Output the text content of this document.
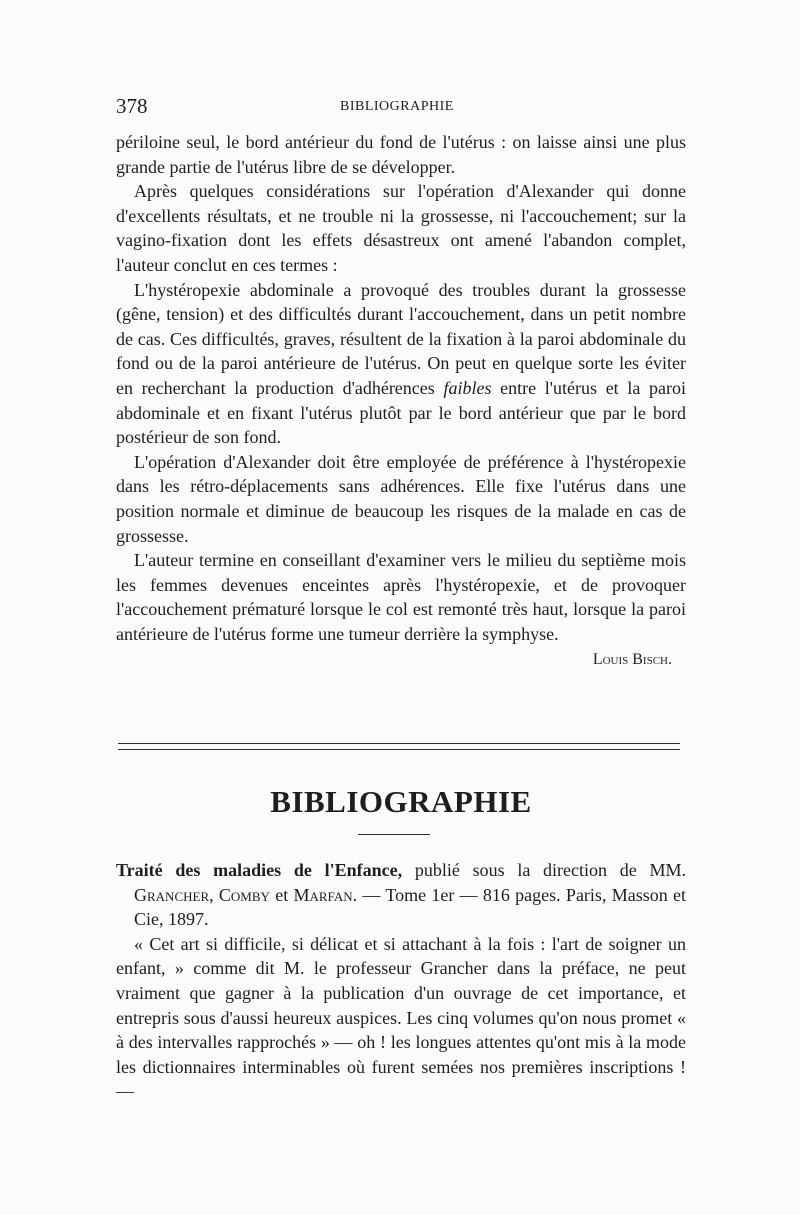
378	BIBLIOGRAPHIE

périloine seul, le bord antérieur du fond de l'utérus : on laisse ainsi une plus grande partie de l'utérus libre de se développer.

Après quelques considérations sur l'opération d'Alexander qui donne d'excellents résultats, et ne trouble ni la grossesse, ni l'accouchement; sur la vagino-fixation dont les effets désastreux ont amené l'abandon complet, l'auteur conclut en ces termes :

L'hystéropexie abdominale a provoqué des troubles durant la grossesse (gêne, tension) et des difficultés durant l'accouchement, dans un petit nombre de cas. Ces difficultés, graves, résultent de la fixation à la paroi abdominale du fond ou de la paroi antérieure de l'utérus. On peut en quelque sorte les éviter en recherchant la production d'adhérences faibles entre l'utérus et la paroi abdominale et en fixant l'utérus plutôt par le bord antérieur que par le bord postérieur de son fond.

L'opération d'Alexander doit être employée de préférence à l'hystéropexie dans les rétro-déplacements sans adhérences. Elle fixe l'utérus dans une position normale et diminue de beaucoup les risques de la malade en cas de grossesse.

L'auteur termine en conseillant d'examiner vers le milieu du septième mois les femmes devenues enceintes après l'hystéropexie, et de provoquer l'accouchement prématuré lorsque le col est remonté très haut, lorsque la paroi antérieure de l'utérus forme une tumeur derrière la symphyse.

Louis Bisch.

BIBLIOGRAPHIE

Traité des maladies de l'Enfance, publié sous la direction de MM. Grancher, Comby et Marfan. — Tome 1er — 816 pages. Paris, Masson et Cie, 1897.

« Cet art si difficile, si délicat et si attachant à la fois : l'art de soigner un enfant, » comme dit M. le professeur Grancher dans la préface, ne peut vraiment que gagner à la publication d'un ouvrage de cet importance, et entrepris sous d'aussi heureux auspices. Les cinq volumes qu'on nous promet « à des intervalles rapprochés » — oh ! les longues attentes qu'ont mis à la mode les dictionnaires interminables où furent semées nos premières inscriptions ! —
